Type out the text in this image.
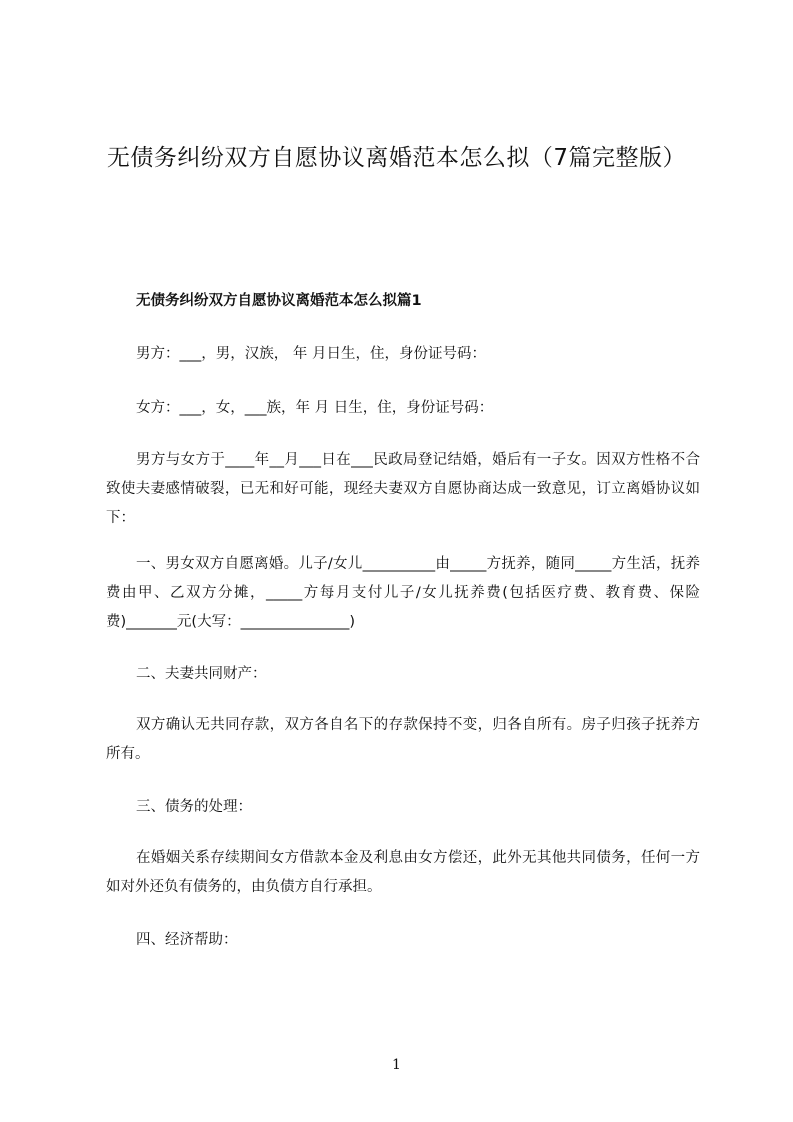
无债务纠纷双方自愿协议离婚范本怎么拟（7篇完整版）
无债务纠纷双方自愿协议离婚范本怎么拟篇1
男方：___，男，汉族， 年 月日生，住，身份证号码：
女方：___，女，___族，年 月 日生，住，身份证号码：

男方与女方于____年__月___日在___民政局登记结婚，婚后有一子女。因双方性格不合致使夫妻感情破裂，已无和好可能，现经夫妻双方自愿协商达成一致意见，订立离婚协议如下：

一、男女双方自愿离婚。儿子/女儿__________由_____方抚养，随同_____方生活，抚养费由甲、乙双方分摊，_____方每月支付儿子/女儿抚养费(包括医疗费、教育费、保险费)_______元(大写：_______________)

二、夫妻共同财产：

双方确认无共同存款，双方各自名下的存款保持不变，归各自所有。房子归孩子抚养方所有。

三、债务的处理：

在婚姻关系存续期间女方借款本金及利息由女方偿还，此外无其他共同债务，任何一方如对外还负有债务的，由负债方自行承担。

四、经济帮助：
1
